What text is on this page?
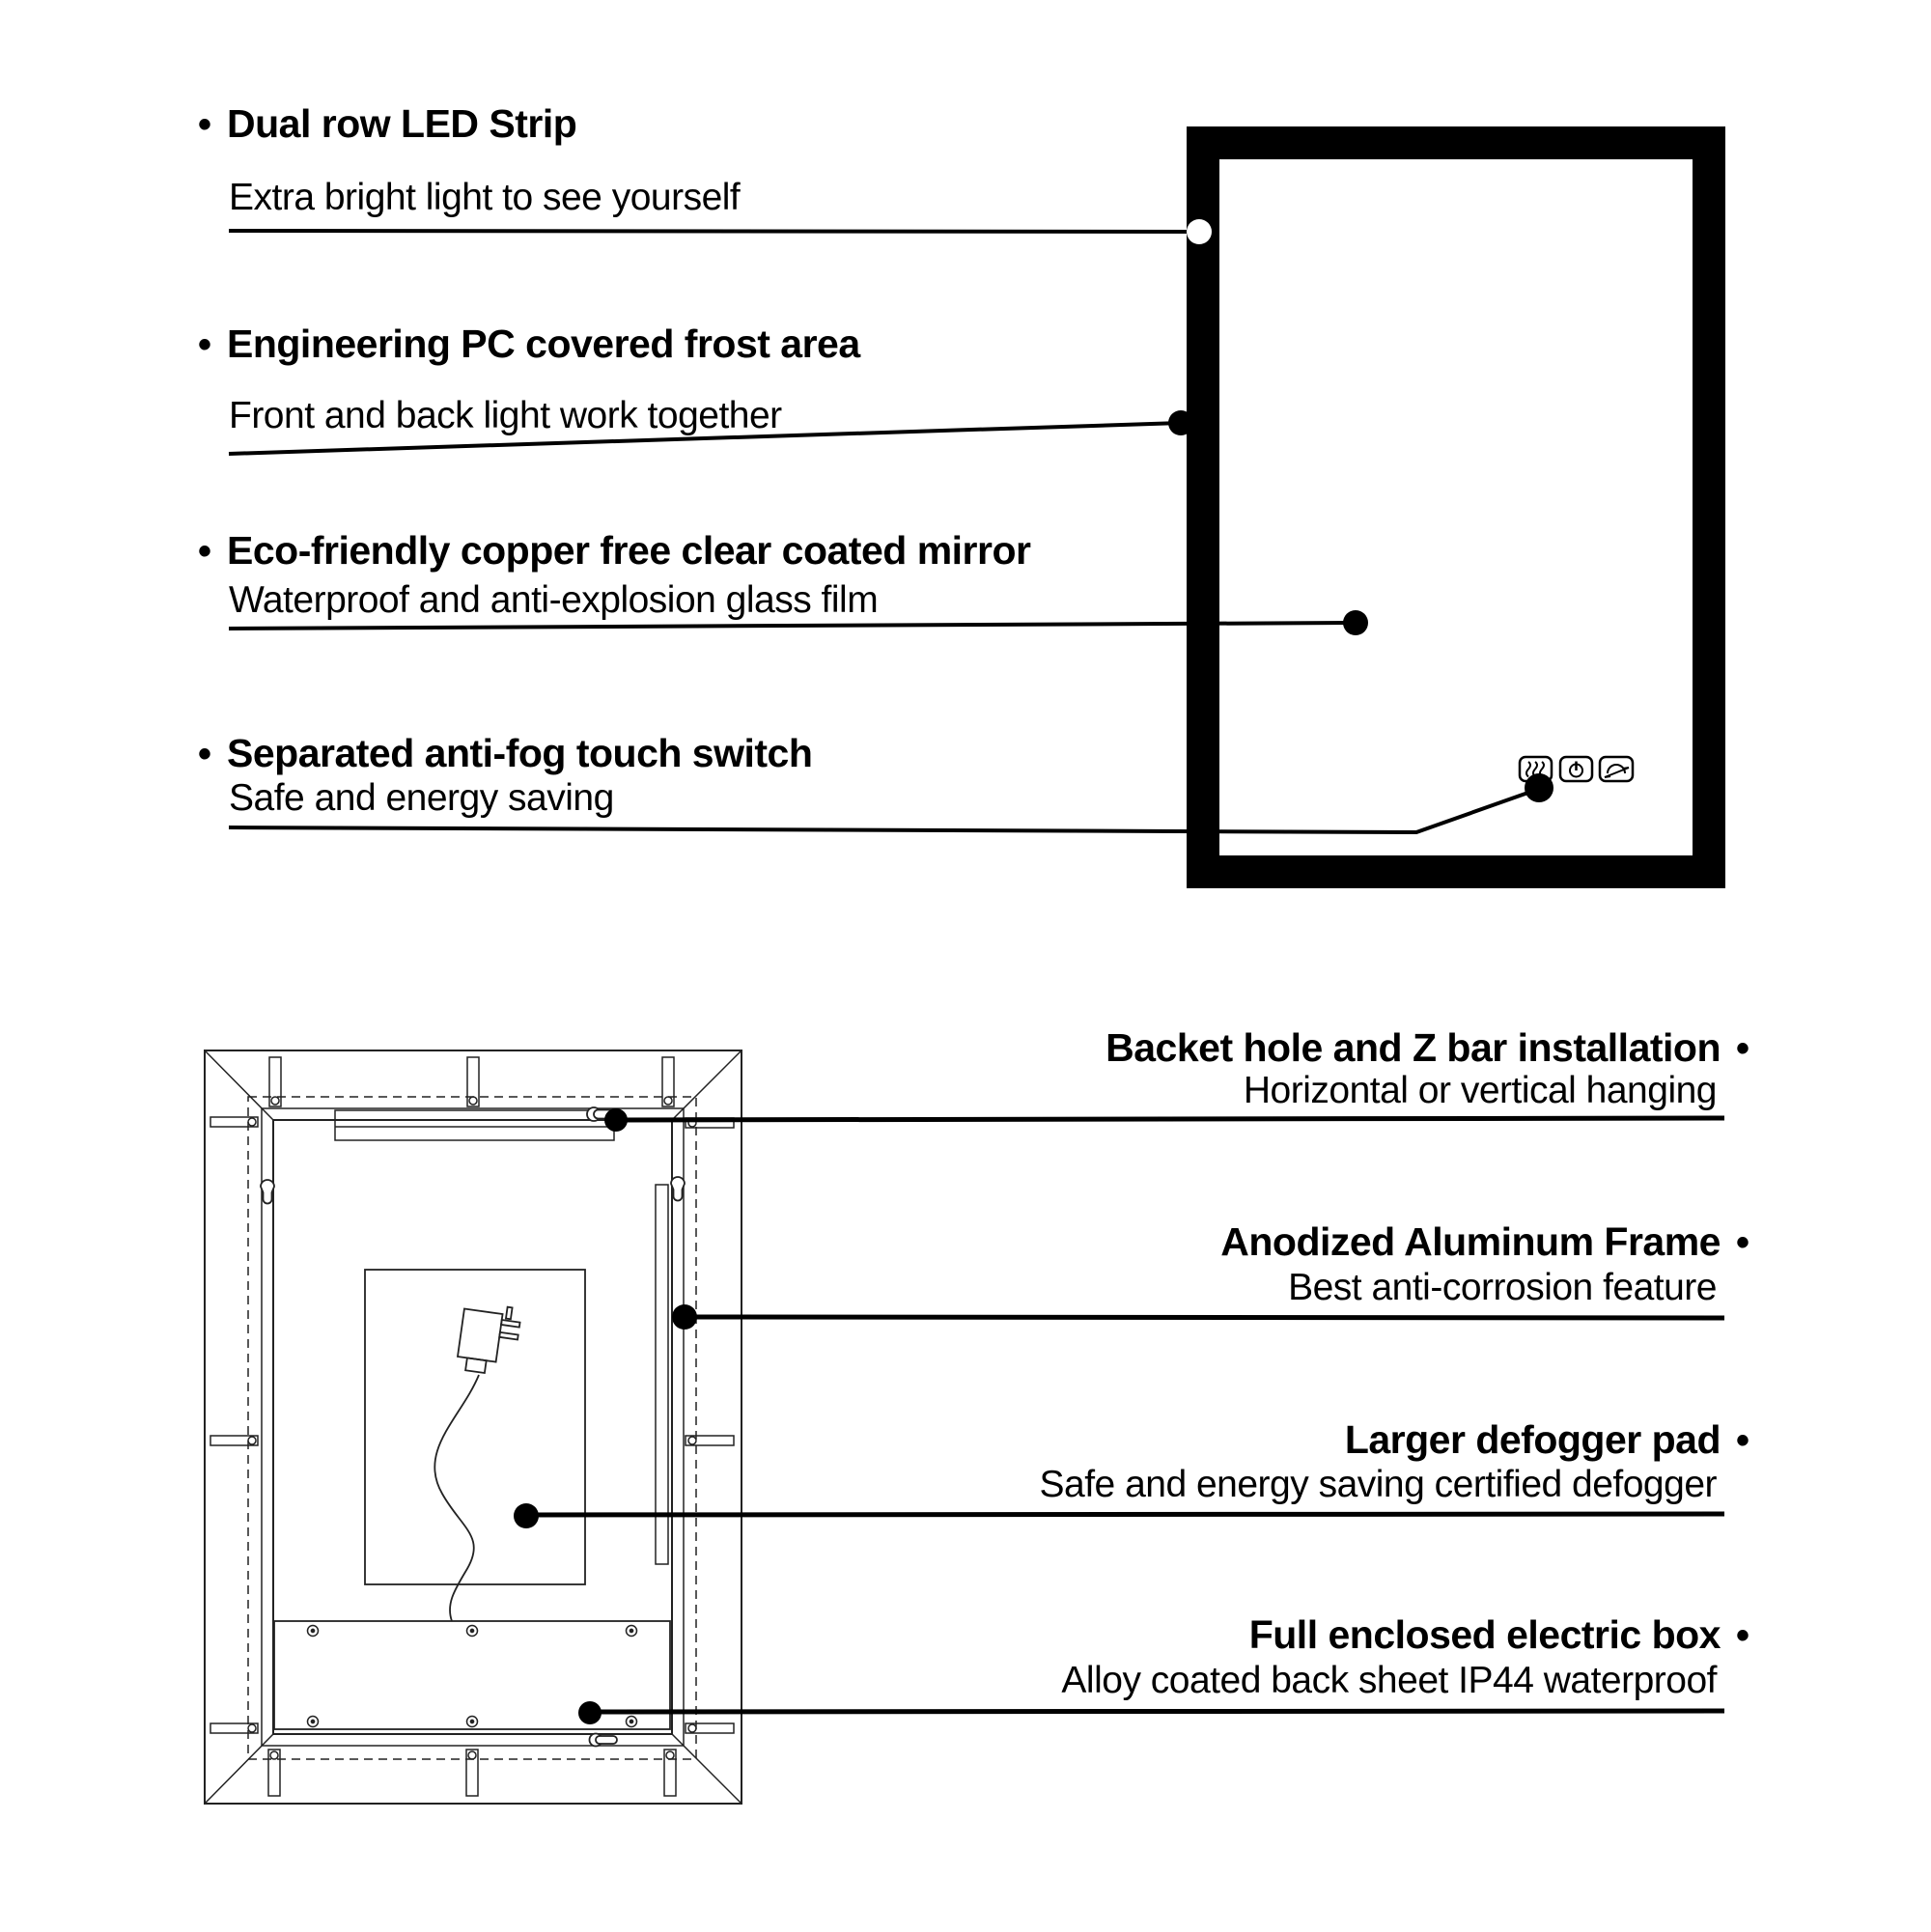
• Dual row LED Strip
Extra bright light to see yourself
• Engineering PC covered frost area
Front and back light work together
• Eco-friendly copper free clear coated mirror
Waterproof and anti-explosion glass film
• Separated anti-fog touch switch
Safe and energy saving
Backet hole and Z bar installation •
Horizontal or vertical hanging
Anodized Aluminum Frame •
Best anti-corrosion feature
Larger defogger pad •
Safe and energy saving certified defogger
Full enclosed electric box •
Alloy coated back sheet IP44 waterproof
